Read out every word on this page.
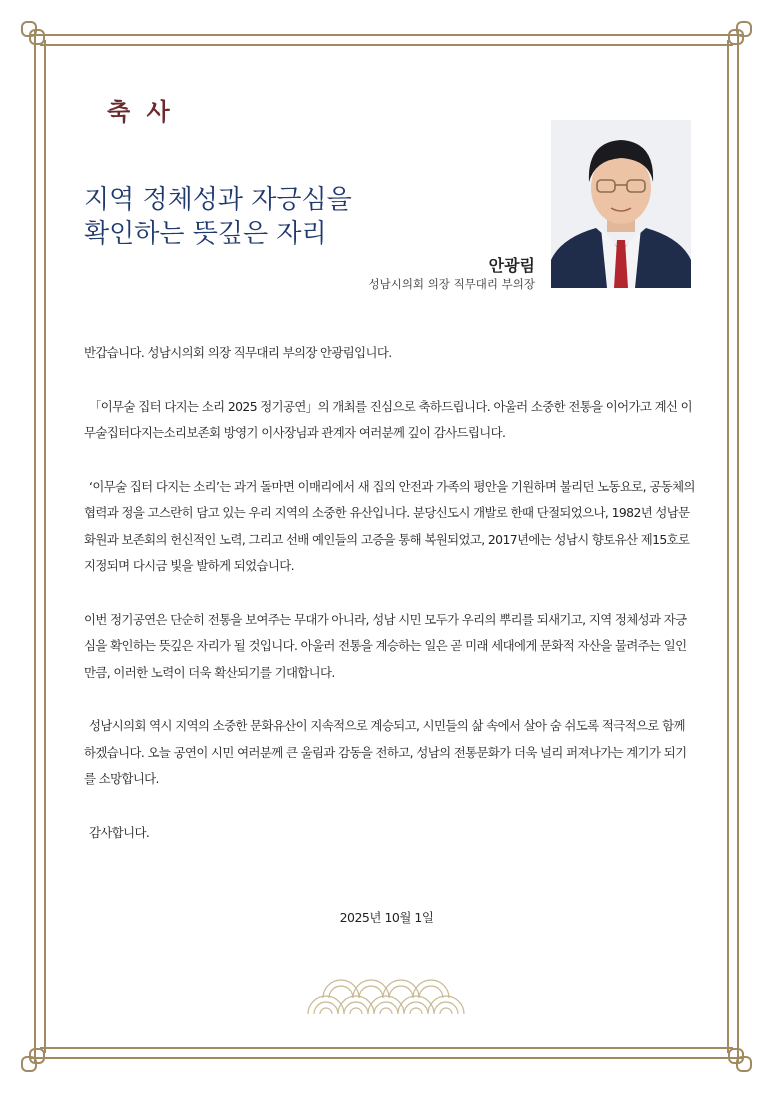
축 사
지역 정체성과 자긍심을
확인하는 뜻깊은 자리
안광림
성남시의회 의장 직무대리 부의장

반갑습니다. 성남시의회 의장 직무대리 부의장 안광림입니다.

「이무술 집터 다지는 소리 2025 정기공연」의 개최를 진심으로 축하드립니다. 아울러 소중한 전통을 이어가고 계신 이무술집터다지는소리보존회 방영기 이사장님과 관계자 여러분께 깊이 감사드립니다.

‘이무술 집터 다지는 소리’는 과거 돌마면 이매리에서 새 집의 안전과 가족의 평안을 기원하며 불리던 노동요로, 공동체의 협력과 정을 고스란히 담고 있는 우리 지역의 소중한 유산입니다. 분당신도시 개발로 한때 단절되었으나, 1982년 성남문화원과 보존회의 헌신적인 노력, 그리고 선배 예인들의 고증을 통해 복원되었고, 2017년에는 성남시 향토유산 제15호로 지정되며 다시금 빛을 발하게 되었습니다.

이번 정기공연은 단순히 전통을 보여주는 무대가 아니라, 성남 시민 모두가 우리의 뿌리를 되새기고, 지역 정체성과 자긍심을 확인하는 뜻깊은 자리가 될 것입니다. 아울러 전통을 계승하는 일은 곧 미래 세대에게 문화적 자산을 물려주는 일인 만큼, 이러한 노력이 더욱 확산되기를 기대합니다.

성남시의회 역시 지역의 소중한 문화유산이 지속적으로 계승되고, 시민들의 삶 속에서 살아 숨 쉬도록 적극적으로 함께 하겠습니다. 오늘 공연이 시민 여러분께 큰 울림과 감동을 전하고, 성남의 전통문화가 더욱 널리 퍼져나가는 계기가 되기를 소망합니다.

감사합니다.

2025년 10월 1일
